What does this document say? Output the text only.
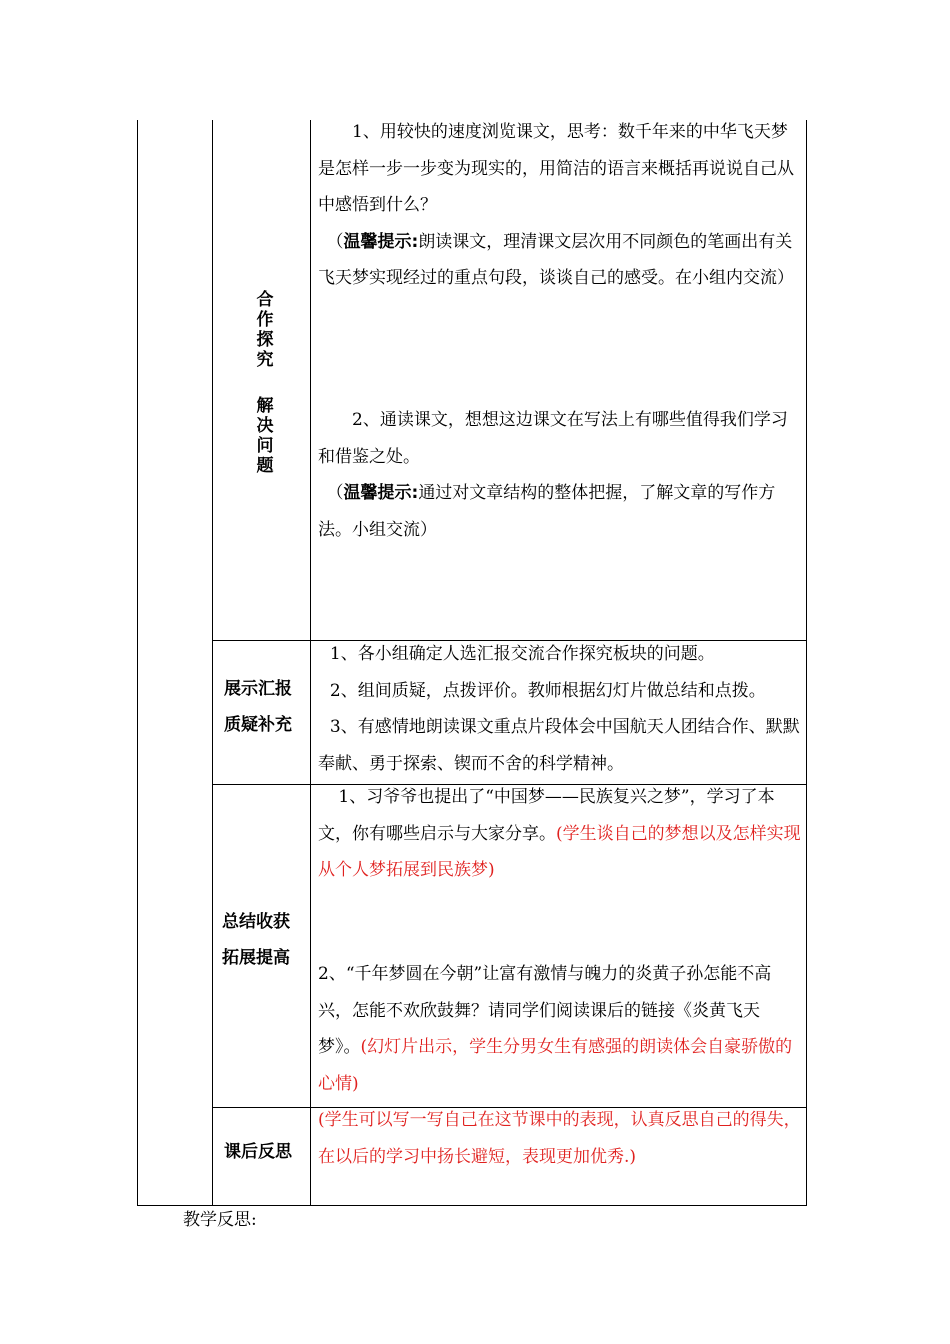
合
作
探
究
解
决
问
题

1、用较快的速度浏览课文，思考：数千年来的中华飞天梦是怎样一步一步变为现实的，用简洁的语言来概括再说说自己从中感悟到什么？

（温馨提示:朗读课文，理清课文层次用不同颜色的笔画出有关飞天梦实现经过的重点句段，谈谈自己的感受。在小组内交流）

2、通读课文，想想这边课文在写法上有哪些值得我们学习和借鉴之处。

（温馨提示:通过对文章结构的整体把握，了解文章的写作方法。小组交流）

展示汇报
质疑补充

1、各小组确定人选汇报交流合作探究板块的问题。

2、组间质疑，点拨评价。教师根据幻灯片做总结和点拨。

3、有感情地朗读课文重点片段体会中国航天人团结合作、默默奉献、勇于探索、锲而不舍的科学精神。

总结收获
拓展提高

1、习爷爷也提出了“中国梦——民族复兴之梦”，学习了本文，你有哪些启示与大家分享。(学生谈自己的梦想以及怎样实现从个人梦拓展到民族梦)

2、“千年梦圆在今朝”让富有激情与魄力的炎黄子孙怎能不高兴，怎能不欢欣鼓舞？请同学们阅读课后的链接《炎黄飞天梦》。(幻灯片出示，学生分男女生有感强的朗读体会自豪骄傲的心情)

课后反思

(学生可以写一写自己在这节课中的表现，认真反思自己的得失，在以后的学习中扬长避短，表现更加优秀.)

教学反思:
